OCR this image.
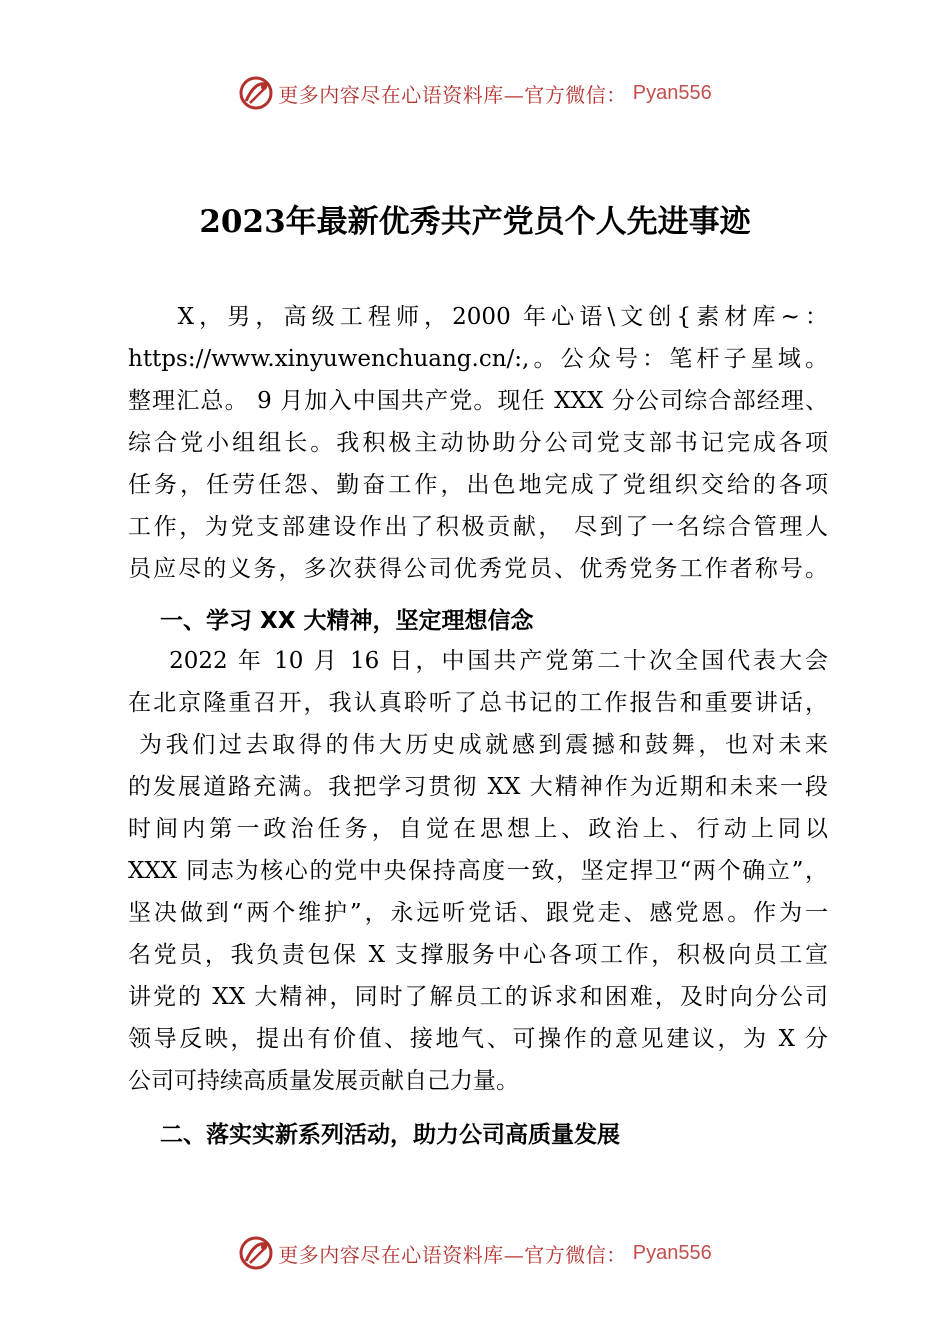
更多内容尽在心语资料库—官方微信： Pyan556
2023年最新优秀共产党员个人先进事迹
X，男，高级工程师，2000 年心语\文创{素材库~：
https://www.xinyuwenchuang.cn/:,。公众号：笔杆子星域。
整理汇总。 9 月加入中国共产党。现任 XXX 分公司综合部经理、
综合党小组组长。我积极主动协助分公司党支部书记完成各项
任务，任劳任怨、勤奋工作，出色地完成了党组织交给的各项
工作，为党支部建设作出了积极贡献， 尽到了一名综合管理人
员应尽的义务，多次获得公司优秀党员、优秀党务工作者称号。
一、学习 XX 大精神，坚定理想信念
2022 年 10 月 16 日，中国共产党第二十次全国代表大会
在北京隆重召开，我认真聆听了总书记的工作报告和重要讲话，
为我们过去取得的伟大历史成就感到震撼和鼓舞，也对未来
的发展道路充满。我把学习贯彻 XX 大精神作为近期和未来一段
时间内第一政治任务，自觉在思想上、政治上、行动上同以
XXX 同志为核心的党中央保持高度一致，坚定捍卫“两个确立”，
坚决做到“两个维护”，永远听党话、跟党走、感党恩。作为一
名党员，我负责包保 X 支撑服务中心各项工作，积极向员工宣
讲党的 XX 大精神，同时了解员工的诉求和困难，及时向分公司
领导反映，提出有价值、接地气、可操作的意见建议，为 X 分
公司可持续高质量发展贡献自己力量。
二、落实实新系列活动，助力公司高质量发展
更多内容尽在心语资料库—官方微信： Pyan556
